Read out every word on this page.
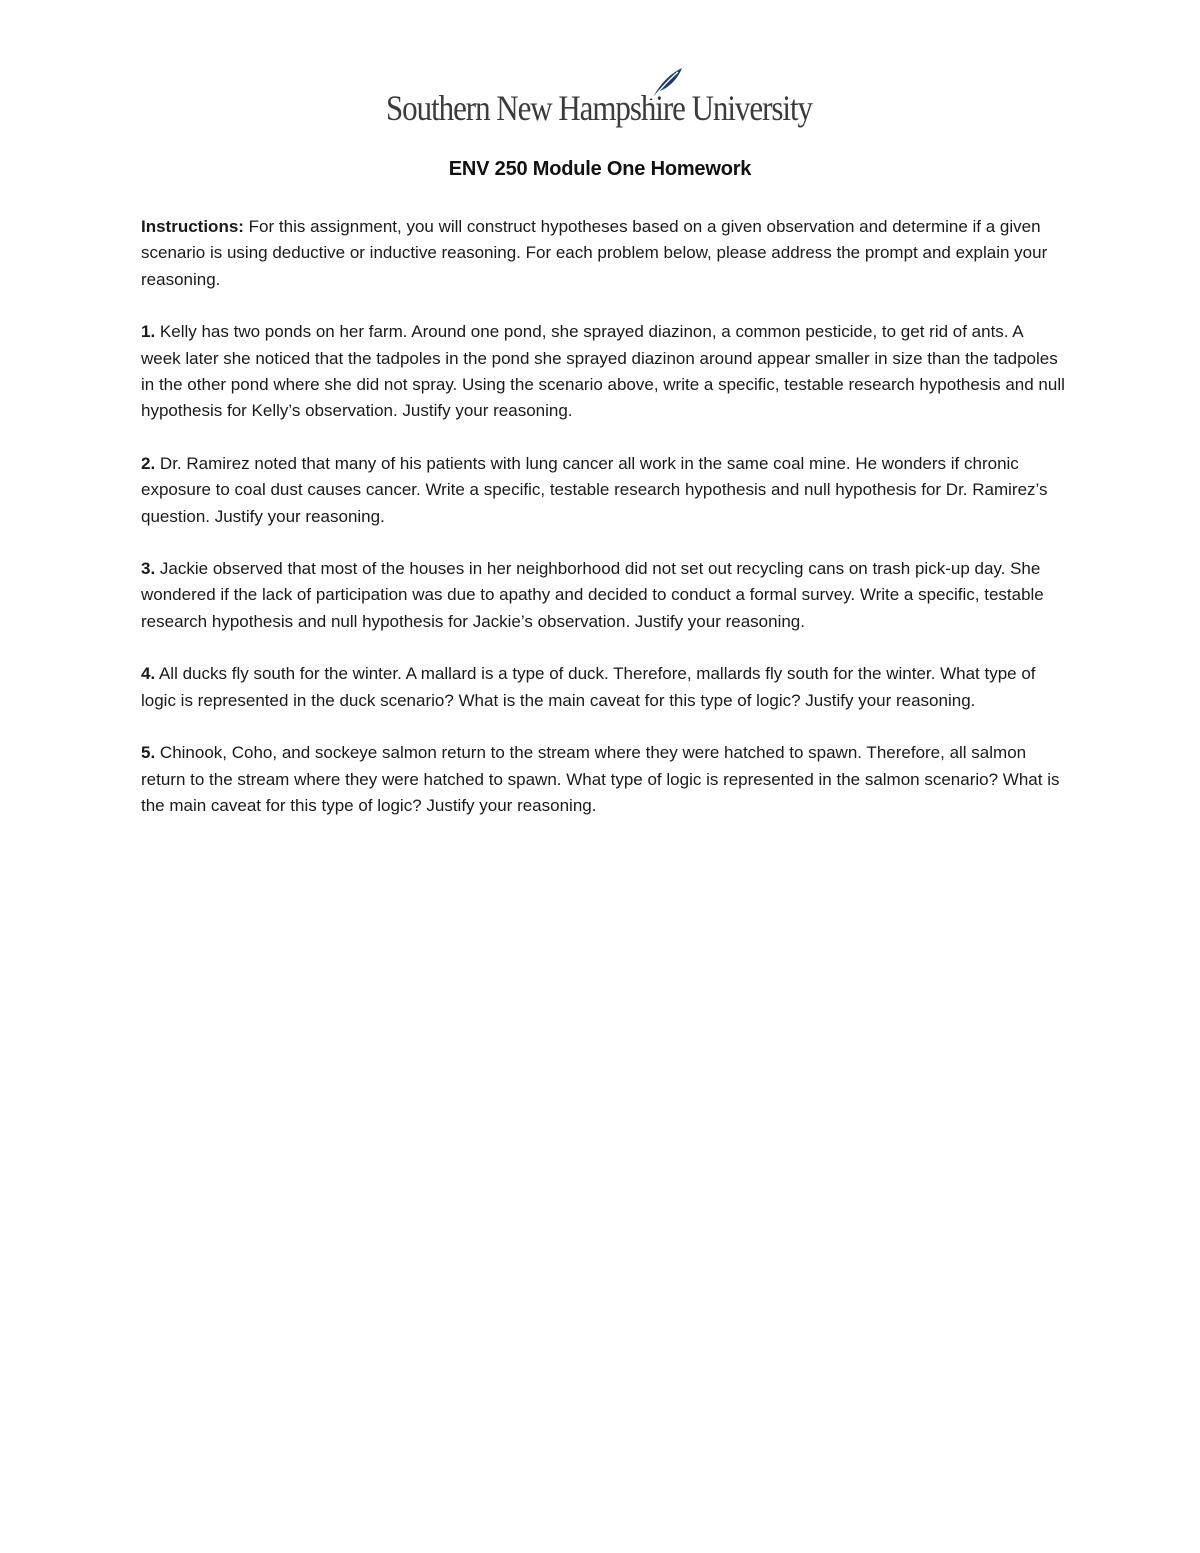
Southern New Hampshire University
ENV 250 Module One Homework

Instructions: For this assignment, you will construct hypotheses based on a given observation and determine if a given scenario is using deductive or inductive reasoning. For each problem below, please address the prompt and explain your reasoning.

1. Kelly has two ponds on her farm. Around one pond, she sprayed diazinon, a common pesticide, to get rid of ants. A week later she noticed that the tadpoles in the pond she sprayed diazinon around appear smaller in size than the tadpoles in the other pond where she did not spray. Using the scenario above, write a specific, testable research hypothesis and null hypothesis for Kelly’s observation. Justify your reasoning.

2. Dr. Ramirez noted that many of his patients with lung cancer all work in the same coal mine. He wonders if chronic exposure to coal dust causes cancer. Write a specific, testable research hypothesis and null hypothesis for Dr. Ramirez’s question. Justify your reasoning.

3. Jackie observed that most of the houses in her neighborhood did not set out recycling cans on trash pick-up day. She wondered if the lack of participation was due to apathy and decided to conduct a formal survey. Write a specific, testable research hypothesis and null hypothesis for Jackie’s observation. Justify your reasoning.

4. All ducks fly south for the winter. A mallard is a type of duck. Therefore, mallards fly south for the winter. What type of logic is represented in the duck scenario? What is the main caveat for this type of logic? Justify your reasoning.

5. Chinook, Coho, and sockeye salmon return to the stream where they were hatched to spawn. Therefore, all salmon return to the stream where they were hatched to spawn. What type of logic is represented in the salmon scenario? What is the main caveat for this type of logic? Justify your reasoning.
